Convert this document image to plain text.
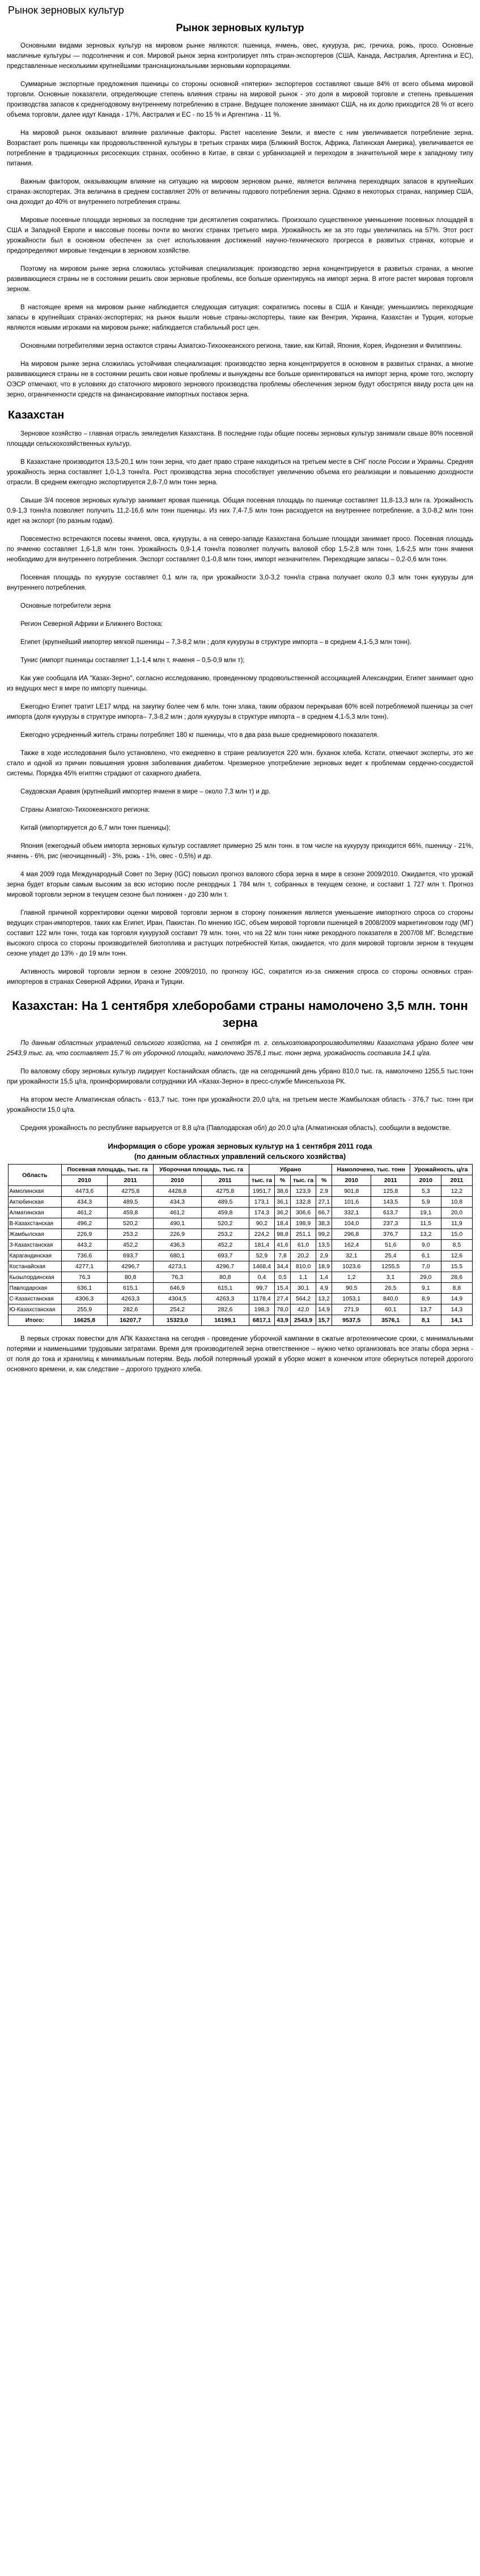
Рынок зерновых культур
Рынок зерновых культур

Основными видами зерновых культур на мировом рынке являются: пшеница, ячмень, овес, кукуруза, рис, гречиха, рожь, просо. Основные масличные культуры — подсолнечник и соя. Мировой рынок зерна контролирует пять стран-экспортеров (США, Канада, Австралия, Аргентина и ЕС), представленные несколькими крупнейшими транснациональными зерновыми корпорациями.

Суммарные экспортные предложения пшеницы со стороны основной «пятерки» экспортеров составляют свыше 84% от всего объема мировой торговли. Основные показатели, определяющие степень влияния страны на мировой рынок - это доля в мировой торговле и степень превышения производства запасов к среднегодовому внутреннему потреблению в стране. Ведущее положение занимают США, на их долю приходится 28 % от всего объема торговли, далее идут Канада - 17%, Австралия и ЕС - по 15 % и Аргентина - 11 %.

На мировой рынок оказывают влияние различные факторы. Растет население Земли, и вместе с ним увеличивается потребление зерна. Возрастает роль пшеницы как продовольственной культуры в третьих странах мира (Ближний Восток, Африка, Латинская Америка), увеличивается ее потребление в традиционных рисосеющих странах, особенно в Китае, в связи с урбанизацией и переходом в значительной мере к западному типу питания.

Важным фактором, оказывающим влияние на ситуацию на мировом зерновом рынке, является величина переходящих запасов в крупнейших странах-экспортерах. Эта величина в среднем составляет 20% от величины годового потребления зерна. Однако в некоторых странах, например США, она доходит до 40% от внутреннего потребления страны.

Мировые посевные площади зерновых за последние три десятилетия сократились. Произошло существенное уменьшение посевных площадей в США и Западной Европе и массовые посевы почти во многих странах третьего мира. Урожайность же за это годы увеличилась на 57%. Этот рост урожайности был в основном обеспечен за счет использования достижений научно-технического прогресса в развитых странах, которые и предопределяют мировые тенденции в зерновом хозяйстве.

Поэтому на мировом рынке зерна сложилась устойчивая специализация: производство зерна концентрируется в развитых странах, а многие развивающиеся страны не в состоянии решить свои зерновые проблемы, все больше ориентируясь на импорт зерна. В итоге растет мировая торговля зерном.

В настоящее время на мировом рынке наблюдается следующая ситуация: сократились посевы в США и Канаде; уменьшились переходящие запасы в крупнейших странах-экспортерах; на рынок вышли новые страны-экспортеры, такие как Венгрия, Украина, Казахстан и Турция, которые являются новыми игроками на мировом рынке; наблюдается стабильный рост цен.

Основными потребителями зерна остаются страны Азиатско-Тихоокеанского региона, такие, как Китай, Япония, Корея, Индонезия и Филиппины.

На мировом рынке зерна сложилась устойчивая специализация: производство зерна концентрируется в основном в развитых странах, а многие развивающиеся страны не в состоянии решить свои новые проблемы и вынуждены все больше ориентироваться на импорт зерна, кроме того, экспорту ОЭСР отмечают, что в условиях до статочного мирового зернового производства проблемы обеспечения зерном будут обострятся ввиду роста цен на зерно, ограниченности средств на финансирование импортных поставок зерна.

Казахстан

Зерновое хозяйство – главная отрасль земледелия Казахстана. В последние годы общие посевы зерновых культур занимали свыше 80% посевной площади сельскохозяйственных культур.

В Казахстане производится 13,5-20,1 млн тонн зерна, что дает право стране находиться на третьем месте в СНГ после России и Украины. Средняя урожайность зерна составляет 1,0-1,3 тонн/га. Рост производства зерна способствует увеличению объема его реализации и повышению доходности отрасли. В среднем ежегодно экспортируется 2,8-7,0 млн тонн зерна.

Свыше 3/4 посевов зерновых культур занимает яровая пшеница. Общая посевная площадь по пшенице составляет 11,8-13,3 млн га. Урожайность 0,9-1,3 тонн/га позволяет получить 11,2-16,6 млн тонн пшеницы. Из них 7,4-7,5 млн тонн расходуется на внутреннее потребление, а 3,0-8,2 млн тонн идет на экспорт (по разным годам).

Повсеместно встречаются посевы ячменя, овса, кукурузы, а на северо-западе Казахстана большие площади занимает просо. Посевная площадь по ячменю составляет 1,6-1,8 млн тонн. Урожайность 0,9-1,4 тонн/га позволяет получить валовой сбор 1,5-2,8 млн тонн, 1,6-2,5 млн тонн ячменя необходимо для внутреннего потребления. Экспорт составляет 0,1-0,8 млн тонн, импорт незначителен. Переходящие запасы – 0,2-0,6 млн тонн.

Посевная площадь по кукурузе составляет 0,1 млн га, при урожайности 3,0-3,2 тонн/га страна получает около 0,3 млн тонн кукурузы для внутреннего потребления.

Основные потребители зерна

Регион Северной Африки и Ближнего Востока:

Египет (крупнейший импортер мягкой пшеницы – 7,3-8,2 млн ; доля кукурузы в структуре импорта – в среднем 4,1-5,3 млн тонн).

Тунис (импорт пшеницы составляет 1,1-1,4 млн т, ячменя – 0,5-0,9 млн т);

Как уже сообщала ИА "Казах-Зерно", согласно исследованию, проведенному продовольственной ассоциацией Александрии, Египет занимает одно из ведущих мест в мире по импорту пшеницы.

Ежегодно Египет тратит LE17 млрд. на закупку более чем 6 млн. тонн злака, таким образом перекрывая 60% всей потребляемой пшеницы за счет импорта (доля кукурузы в структуре импорта– 7,3-8,2 млн ; доля кукурузы в структуре импорта – в среднем 4,1-5,3 млн тонн).

Ежегодно усредненный житель страны потребляет 180 кг пшеницы, что в два раза выше среднемирового показателя.

Также в ходе исследования было установлено, что ежедневно в стране реализуется 220 млн. буханок хлеба. Кстати, отмечают эксперты, это же стало и одной из причин повышения уровня заболевания диабетом. Чрезмерное употребление зерновых ведет к проблемам сердечно-сосудистой системы. Порядка 45% египтян страдают от сахарного диабета.

Саудовская Аравия (крупнейший импортер ячменя в мире – около 7,3 млн т) и др.

Страны Азиатско-Тихоокеанского региона:

Китай (импортируется до 6,7 млн тонн пшеницы);

Япония (ежегодный объем импорта зерновых культур составляет примерно 25 млн тонн. в том числе на кукурузу приходится 66%, пшеницу - 21%, ячмень - 6%, рис (неочищенный) - 3%, рожь - 1%, овес - 0,5%) и др.

4 мая 2009 года Международный Совет по Зерну (IGC) повысил прогноз валового сбора зерна в мире в сезоне 2009/2010. Ожидается, что урожай зерна будет вторым самым высоким за всю историю после рекордных 1 784 млн т, собранных в текущем сезоне, и составит 1 727 млн т. Прогноз мировой торговли зерном в текущем сезоне был понижен - до 230 млн т.

Главной причиной корректировки оценки мировой торговли зерном в сторону понижения является уменьшение импортного спроса со стороны ведущих стран-импортеров, таких как Египет, Иран, Пакистан. По мнению IGC, объем мировой торговли пшеницей в 2008/2009 маркетинговом году (МГ) составит 122 млн тонн, тогда как торговля кукурузой составит 79 млн. тонн, что на 22 млн тонн ниже рекордного показателя в 2007/08 МГ. Вследствие высокого спроса со стороны производителей биотоплива и растущих потребностей Китая, ожидается, что доля мировой торговли зерном в текущем сезоне упадет до 13% - до 19 млн тонн.

Активность мировой торговли зерном в сезоне 2009/2010, по прогнозу IGC, сократится из-за снижения спроса со стороны основных стран-импортеров в странах Северной Африки, Ирана и Турции.

Казахстан: На 1 сентября хлеборобами страны намолочено 3,5 млн. тонн зерна

По данным областных управлений сельского хозяйства, на 1 сентября т. г. сельхозтоваропроизводителями Казахстана убрано более чем 2543,9 тыс. га, что составляет 15,7 % от уборочной площади, намолочено 3576,1 тыс. тонн зерна, урожайность составила 14,1 ц/га.

По валовому сбору зерновых культур лидирует Костанайская область, где на сегодняшний день убрано 810,0 тыс. га, намолочено 1255,5 тыс.тонн при урожайности 15,5 ц/га, проинформировали сотрудники ИА «Казах-Зерно» в пресс-службе Минсельхоза РК.

На втором месте Алматинская область - 613,7 тыс. тонн при урожайности 20,0 ц/га, на третьем месте Жамбылская область - 376,7 тыс. тонн при урожайности 15,0 ц/га.

Средняя урожайность по республике варьируется от 8,8 ц/га (Павлодарская обл) до 20,0 ц/га (Алматинская область), сообщили в ведомстве.

Информация о сборе урожая зерновых культур на 1 сентября 2011 года
(по данным областных управлений сельского хозяйства)
Область	Посевная площадь, тыс. га		Уборочная площадь, тыс. га		Убрано				Намолочено, тыс. тонн		Урожайность, ц/га	
	2010	2011	2010	2011	тыс. га	%	тыс. га	%	2010	2011	2010	2011
Акмолинская	4473,6	4275,8	4428,8	4275,8	1951,7	38,6	123,9	2,9	901,8	125,8	5,3	12,2
Актюбинская	434,3	489,5	434,3	489,5	173,1	36,1	132,8	27,1	101,6	143,5	5,9	10,8
Алматинская	461,2	459,8	461,2	459,8	174,3	36,2	306,6	66,7	332,1	613,7	19,1	20,0
В-Казахстанская	496,2	520,2	490,1	520,2	90,2	18,4	198,9	38,3	104,0	237,3	11,5	11,9
Жамбылская	226,9	253,2	226,9	253,2	224,2	98,8	251,1	99,2	296,8	376,7	13,2	15,0
З-Казахстанская	443,2	452,2	436,3	452,2	181,4	41,6	61,0	13,5	162,4	51,6	9,0	8,5
Карагандинская	736,6	693,7	680,1	693,7	52,9	7,8	20,2	2,9	32,1	25,4	6,1	12,6
Костанайская	4277,1	4296,7	4273,1	4296,7	1468,4	34,4	810,0	18,9	1023,6	1255,5	7,0	15,5
Кызылординская	76,3	80,8	76,3	80,8	0,4	0,5	1,1	1,4	1,2	3,1	29,0	28,6
Павлодарская	636,1	615,1	646,9	615,1	99,7	15,4	30,1	4,9	90,5	26,5	9,1	8,8
С-Казахстанская	4306,3	4263,3	4304,5	4263,3	1178,4	27,4	564,2	13,2	1053,1	840,0	8,9	14,9
Ю-Казахстанская	255,9	282,6	254,2	282,6	198,3	78,0	42,0	14,9	271,9	60,1	13,7	14,3
Итого:	16625,8	16207,7	15323,0	16199,1	6817,1	43,9	2543,9	15,7	9537,5	3576,1	8,1	14,1

В первых строках повестки для АПК Казахстана на сегодня - проведение уборочной кампании в сжатые агротехнические сроки, с минимальными потерями и наименьшими трудовыми затратами. Время для производителей зерна ответственное – нужно четко организовать все этапы сбора зерна - от поля до тока и хранилищ к минимальным потерям. Ведь любой потерянный урожай в уборке может в конечном итоге обернуться потерей дорогого основного времени, и, как следствие – дорогого трудного хлеба.
